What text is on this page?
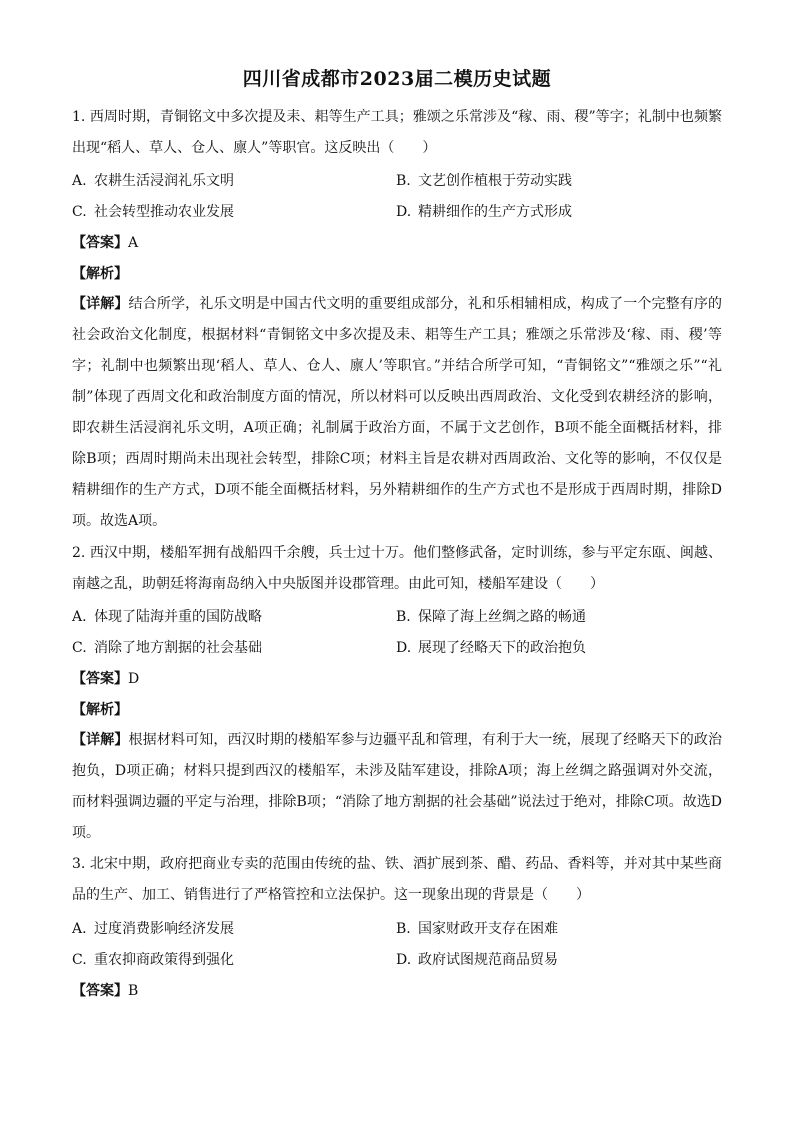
四川省成都市2023届二模历史试题

1. 西周时期，青铜铭文中多次提及耒、耜等生产工具；雅颂之乐常涉及“稼、雨、稷”等字；礼制中也频繁出现“稻人、草人、仓人、廪人”等职官。这反映出（　　）

A. 农耕生活浸润礼乐文明	B. 文艺创作植根于劳动实践
C. 社会转型推动农业发展	D. 精耕细作的生产方式形成
【答案】A
【解析】

【详解】结合所学，礼乐文明是中国古代文明的重要组成部分，礼和乐相辅相成，构成了一个完整有序的社会政治文化制度，根据材料“青铜铭文中多次提及耒、耜等生产工具；雅颂之乐常涉及‘稼、雨、稷’等字；礼制中也频繁出现‘稻人、草人、仓人、廪人’等职官。”并结合所学可知，“青铜铭文”“雅颂之乐”“礼制”体现了西周文化和政治制度方面的情况，所以材料可以反映出西周政治、文化受到农耕经济的影响，即农耕生活浸润礼乐文明，A项正确；礼制属于政治方面，不属于文艺创作，B项不能全面概括材料，排除B项；西周时期尚未出现社会转型，排除C项；材料主旨是农耕对西周政治、文化等的影响，不仅仅是精耕细作的生产方式，D项不能全面概括材料，另外精耕细作的生产方式也不是形成于西周时期，排除D项。故选A项。

2. 西汉中期，楼船军拥有战船四千余艘，兵士过十万。他们整修武备，定时训练，参与平定东瓯、闽越、南越之乱，助朝廷将海南岛纳入中央版图并设郡管理。由此可知，楼船军建设（　　）

A. 体现了陆海并重的国防战略	B. 保障了海上丝绸之路的畅通
C. 消除了地方割据的社会基础	D. 展现了经略天下的政治抱负
【答案】D
【解析】

【详解】根据材料可知，西汉时期的楼船军参与边疆平乱和管理，有利于大一统，展现了经略天下的政治抱负，D项正确；材料只提到西汉的楼船军，未涉及陆军建设，排除A项；海上丝绸之路强调对外交流，而材料强调边疆的平定与治理，排除B项；“消除了地方割据的社会基础”说法过于绝对，排除C项。故选D项。

3. 北宋中期，政府把商业专卖的范围由传统的盐、铁、酒扩展到茶、醋、药品、香料等，并对其中某些商品的生产、加工、销售进行了严格管控和立法保护。这一现象出现的背景是（　　）

A. 过度消费影响经济发展	B. 国家财政开支存在困难
C. 重农抑商政策得到强化	D. 政府试图规范商品贸易
【答案】B
